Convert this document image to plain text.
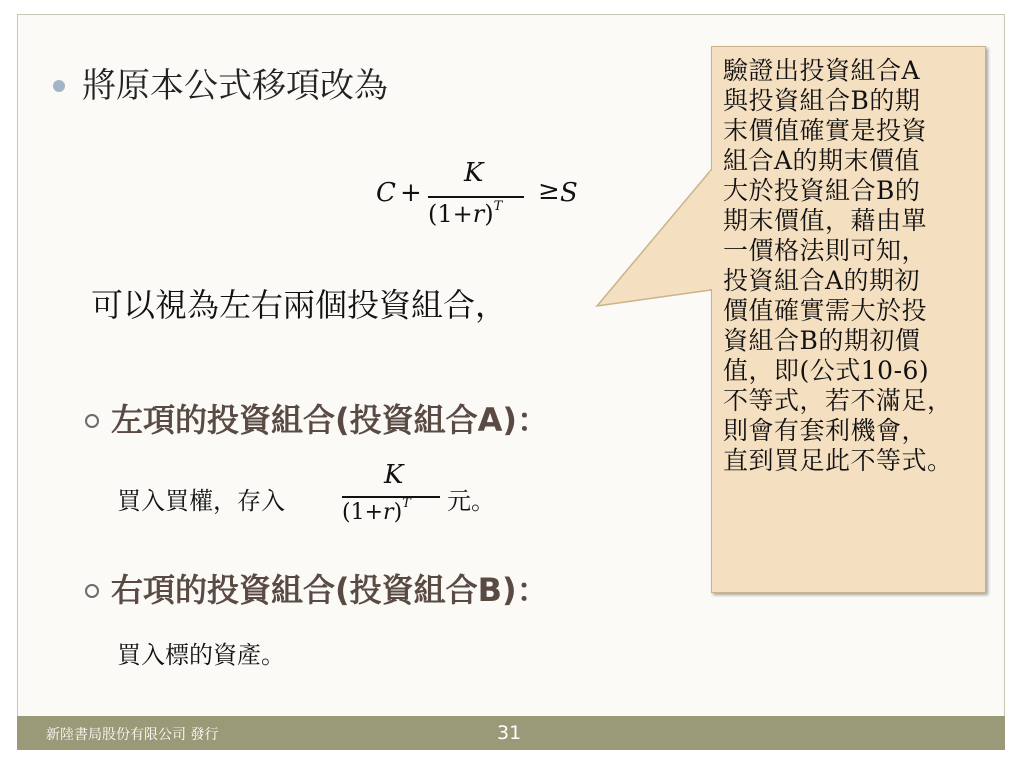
將原本公式移項改為
C +
K
$(1+r)^T$
≥ S
可以視為左右兩個投資組合，
驗證出投資組合A
與投資組合B的期
末價值確實是投資
組合A的期末價值
大於投資組合B的
期末價值，藉由單
一價格法則可知，
投資組合A的期初
價值確實需大於投
資組合B的期初價
值，即(公式10-6)
不等式，若不滿足，
則會有套利機會，
直到買足此不等式。
左項的投資組合(投資組合A)：
買入買權，存入
K
$(1+r)^T$ 元。
右項的投資組合(投資組合B)：
買入標的資產。
新陸書局股份有限公司 發行	31
